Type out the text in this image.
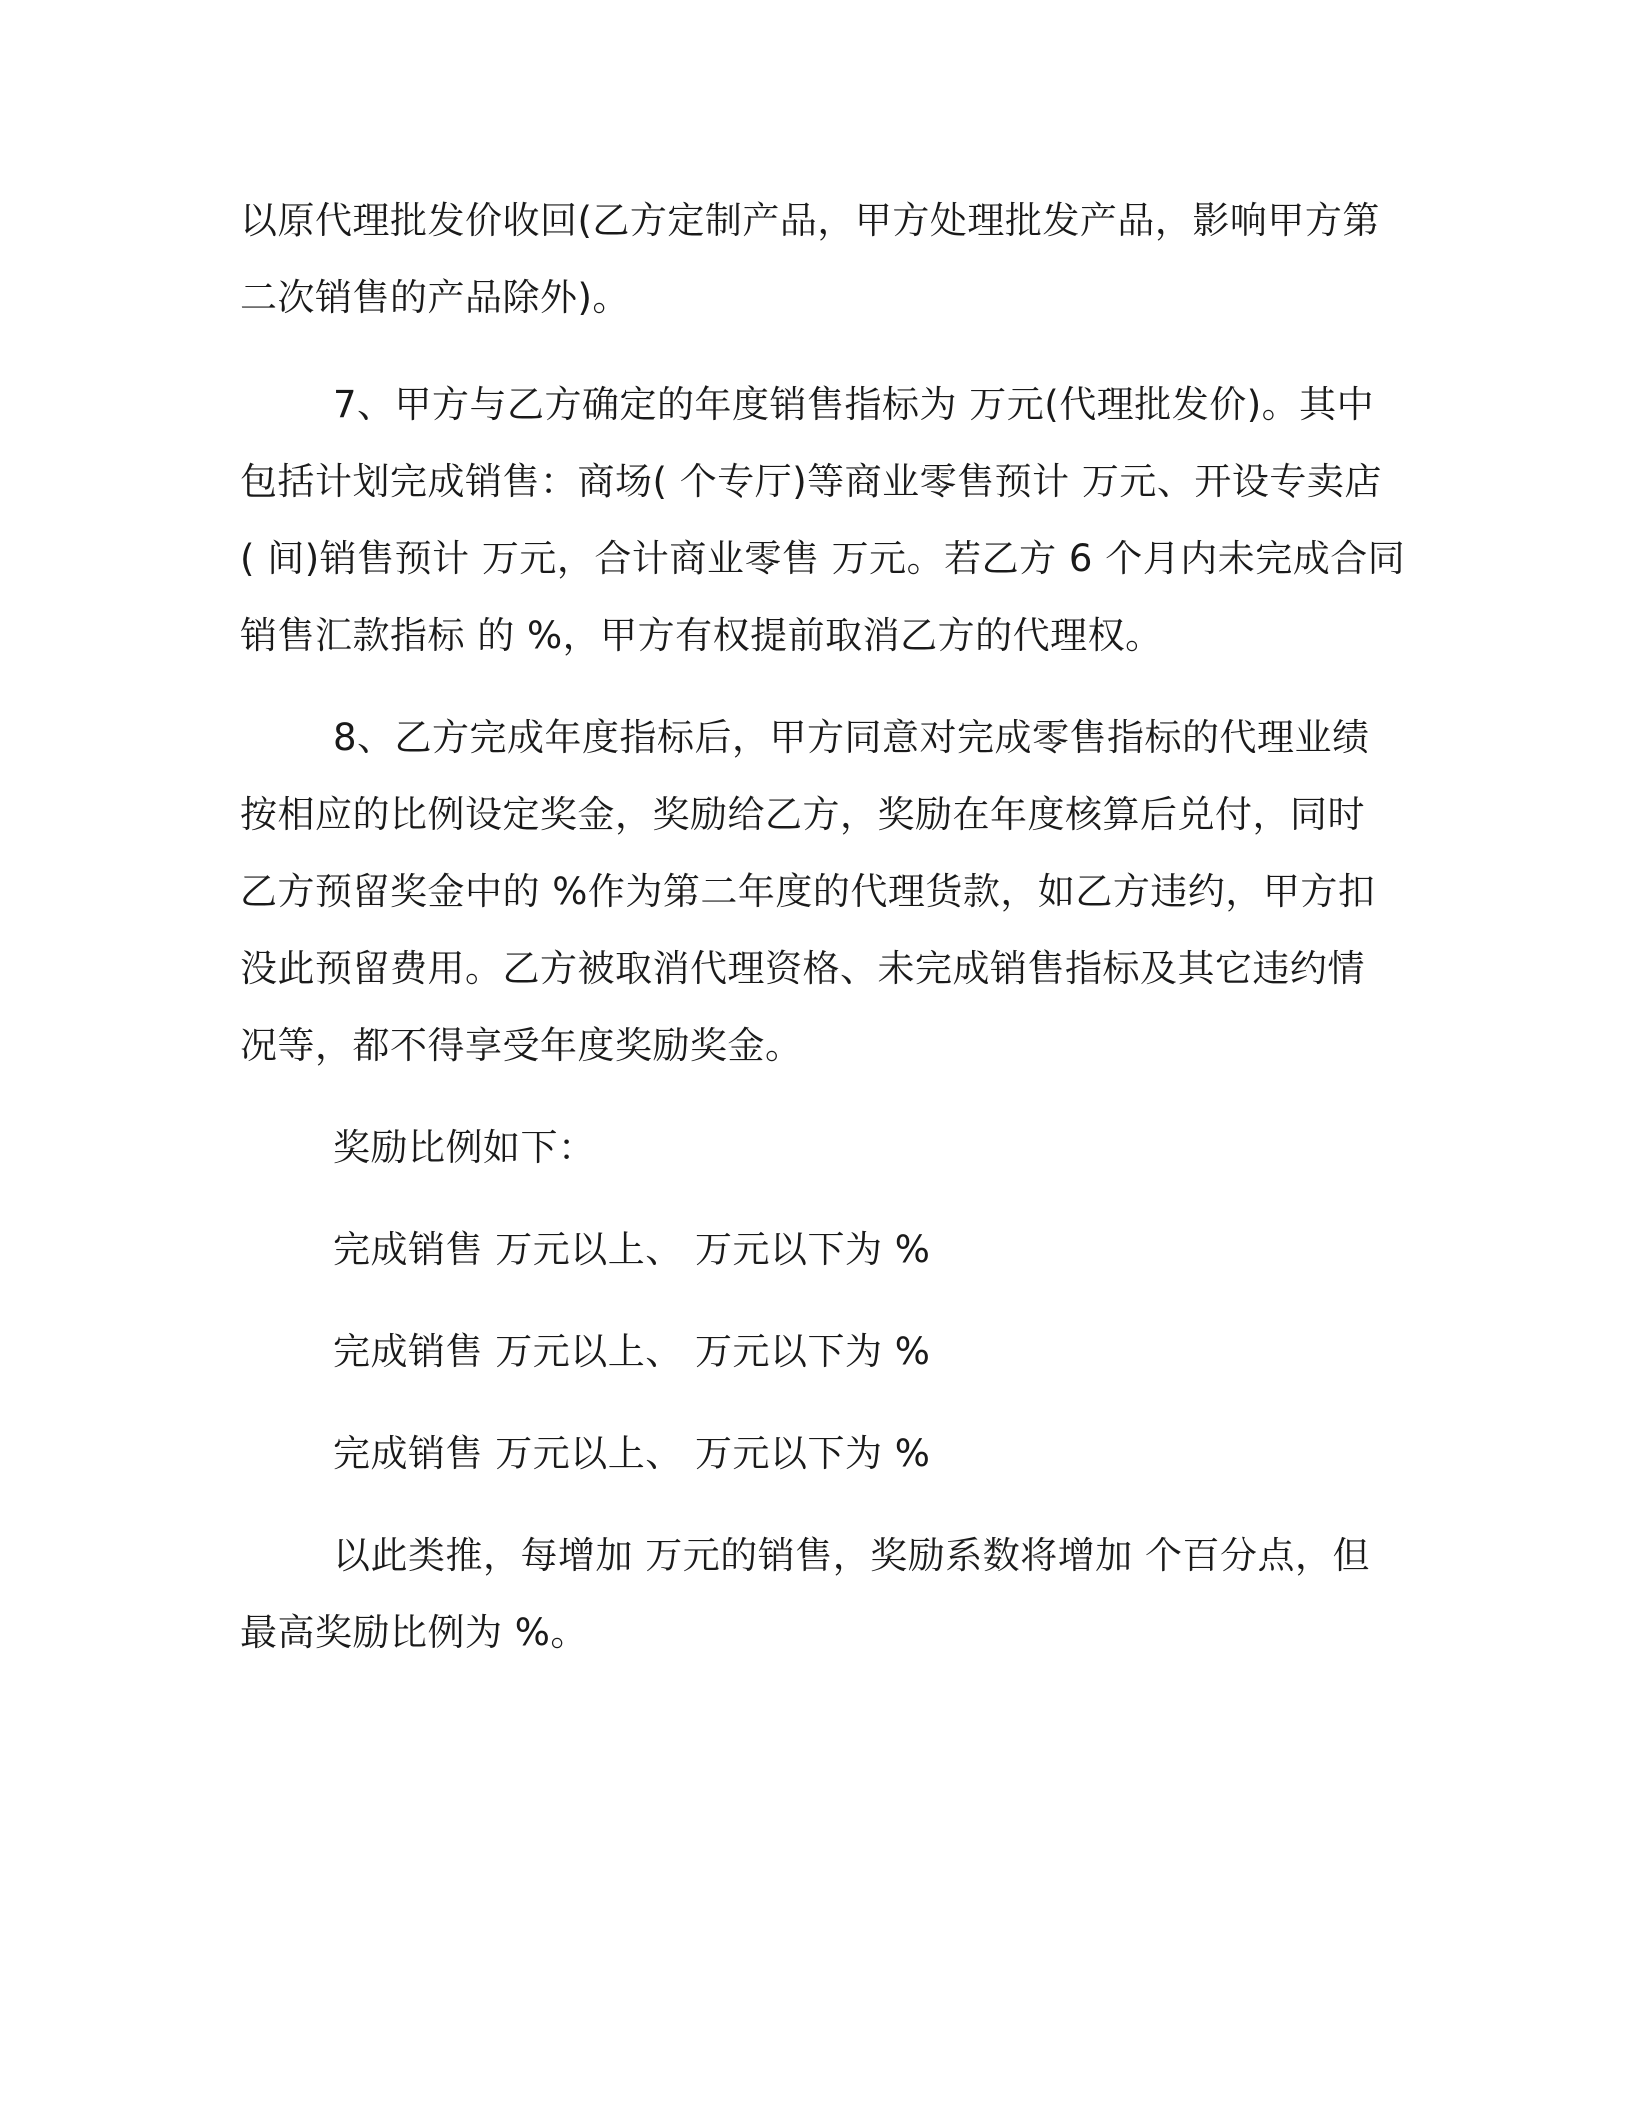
以原代理批发价收回(乙方定制产品，甲方处理批发产品，影响甲方第
二次销售的产品除外)。
7、甲方与乙方确定的年度销售指标为 万元(代理批发价)。其中
包括计划完成销售：商场( 个专厅)等商业零售预计 万元、开设专卖店
( 间)销售预计 万元，合计商业零售 万元。若乙方 6 个月内未完成合同
销售汇款指标 的 %，甲方有权提前取消乙方的代理权。
8、乙方完成年度指标后，甲方同意对完成零售指标的代理业绩
按相应的比例设定奖金，奖励给乙方，奖励在年度核算后兑付，同时
乙方预留奖金中的 %作为第二年度的代理货款，如乙方违约，甲方扣
没此预留费用。乙方被取消代理资格、未完成销售指标及其它违约情
况等，都不得享受年度奖励奖金。
奖励比例如下：
完成销售 万元以上、 万元以下为 %
完成销售 万元以上、 万元以下为 %
完成销售 万元以上、 万元以下为 %
以此类推，每增加 万元的销售，奖励系数将增加 个百分点，但
最高奖励比例为 %。
